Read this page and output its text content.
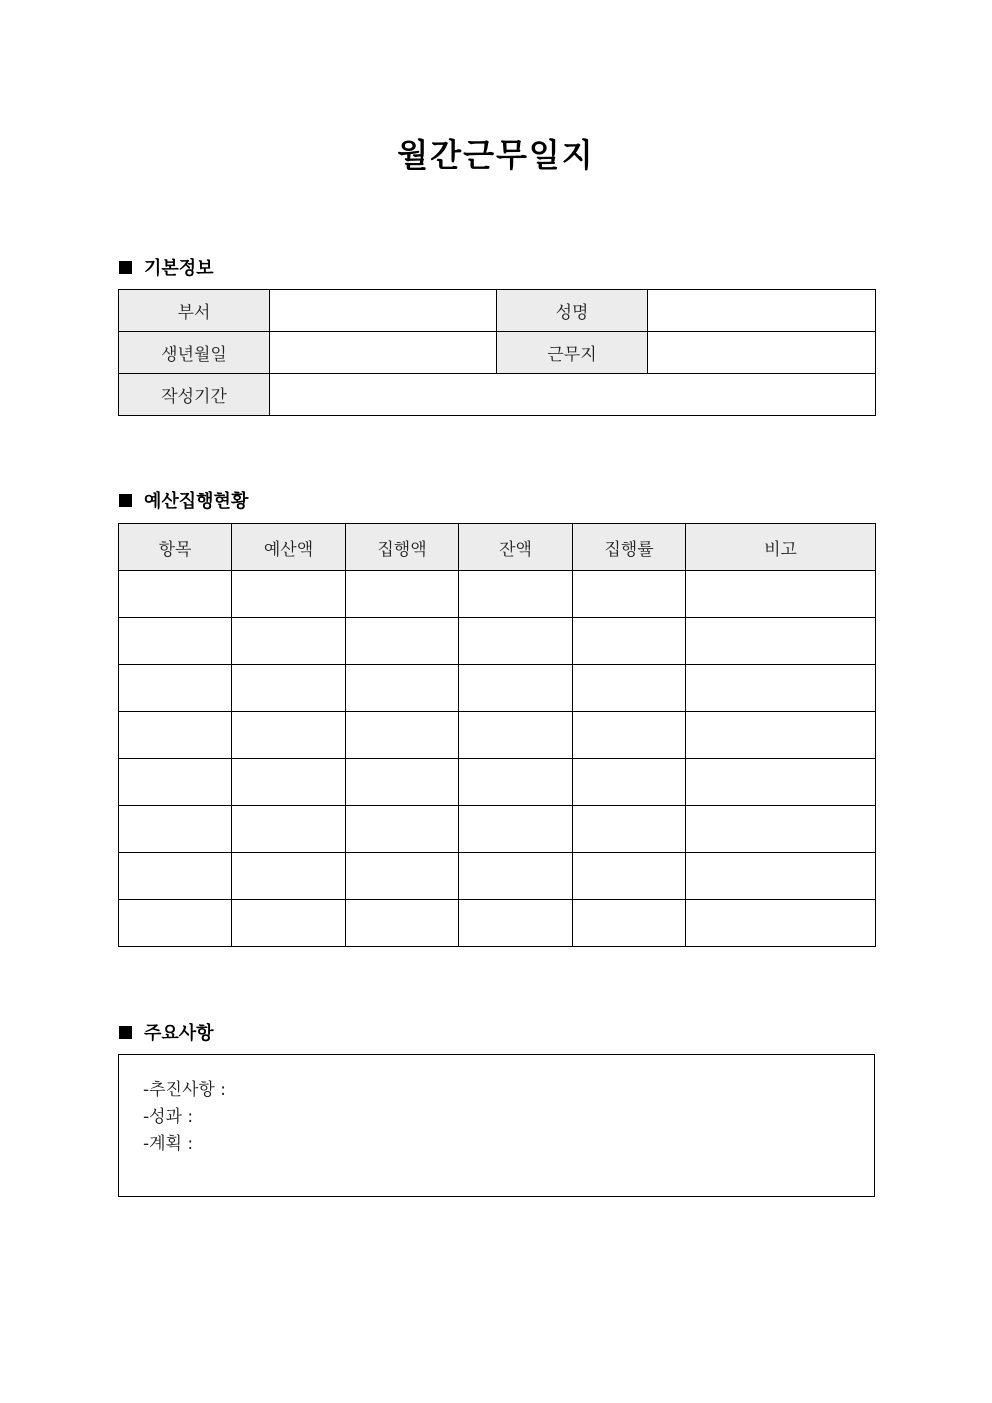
월간근무일지
기본정보
부서		성명	
생년월일		근무지	
작성기간			
예산집행현황
항목	예산액	집행액	잔액	집행률	비고

주요사항
-추진사항 :
-성과 :
-계획 :
